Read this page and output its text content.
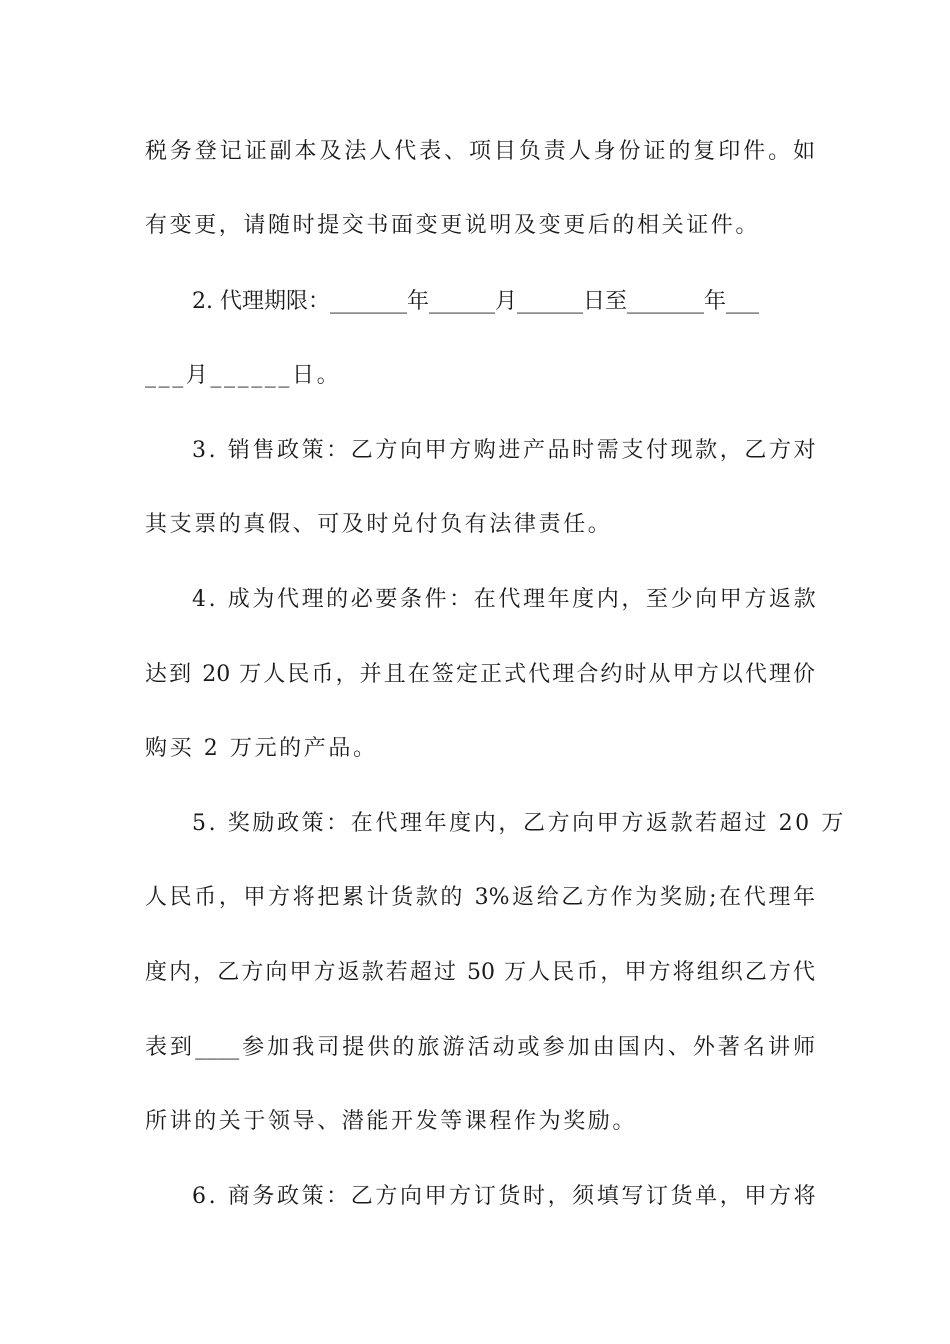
税务登记证副本及法人代表、项目负责人身份证的复印件。如
有变更，请随时提交书面变更说明及变更后的相关证件。
2. 代理期限：_______年______月______日至_______年___
___月______日。
3. 销售政策：乙方向甲方购进产品时需支付现款，乙方对
其支票的真假、可及时兑付负有法律责任。
4. 成为代理的必要条件：在代理年度内，至少向甲方返款
达到 20 万人民币，并且在签定正式代理合约时从甲方以代理价
购买 2 万元的产品。
5. 奖励政策：在代理年度内，乙方向甲方返款若超过 20 万
人民币，甲方将把累计货款的 3%返给乙方作为奖励;在代理年
度内，乙方向甲方返款若超过 50 万人民币，甲方将组织乙方代
表到____参加我司提供的旅游活动或参加由国内、外著名讲师
所讲的关于领导、潜能开发等课程作为奖励。
6. 商务政策：乙方向甲方订货时，须填写订货单，甲方将
